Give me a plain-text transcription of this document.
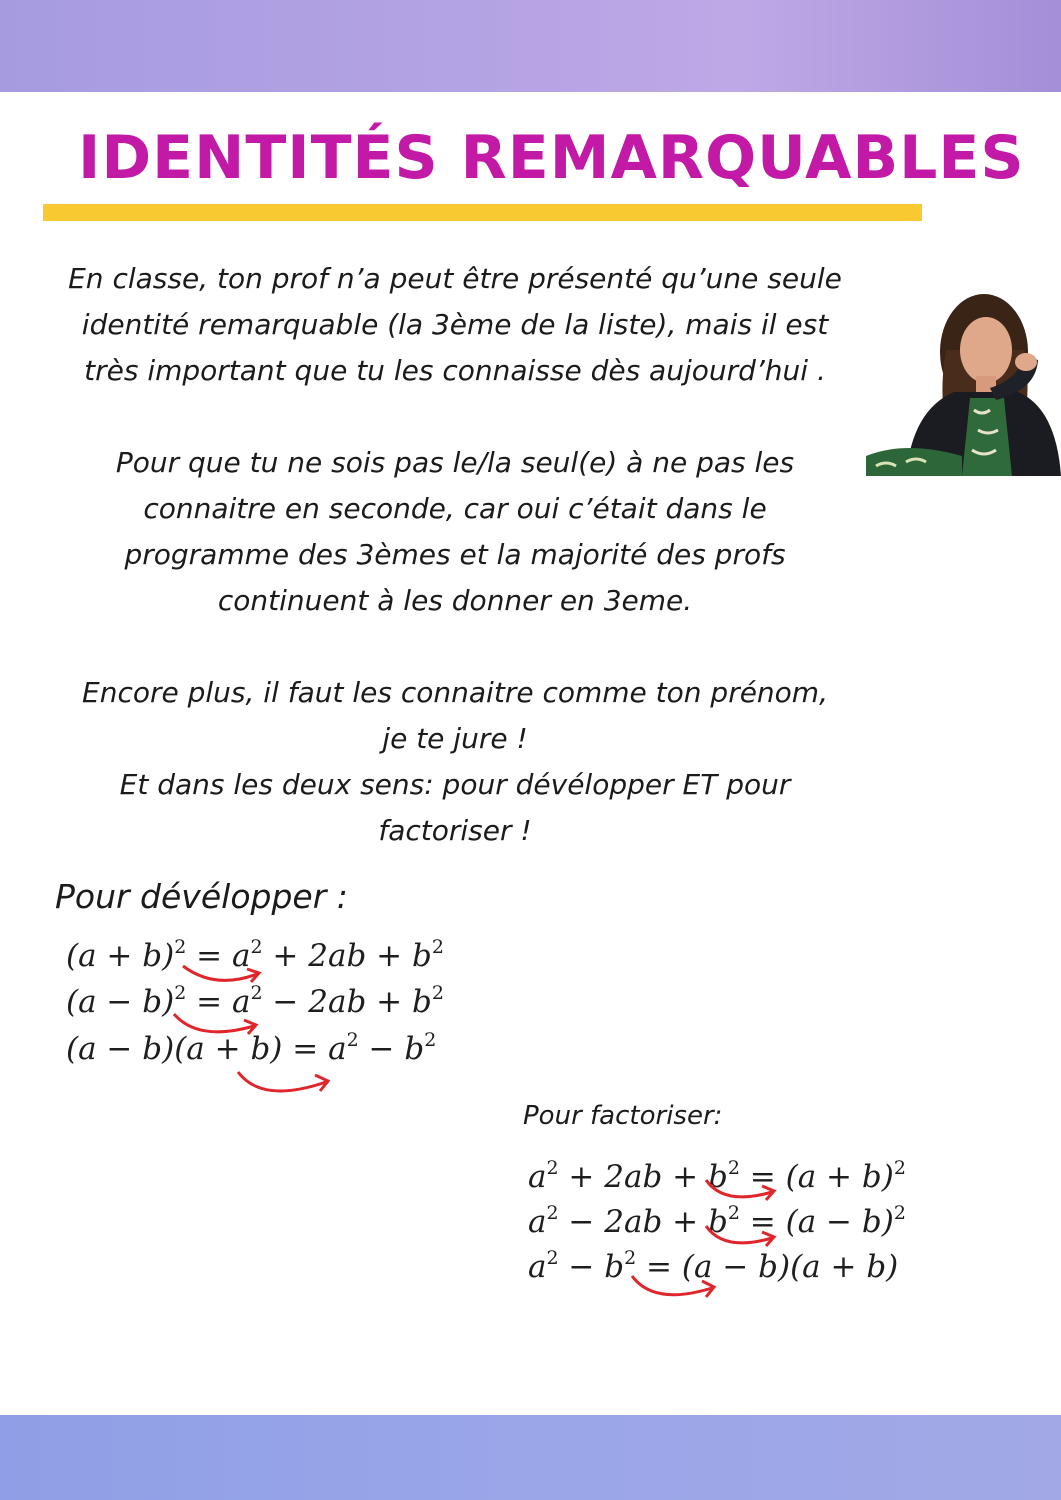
IDENTITÉS REMARQUABLES

En classe, ton prof n’a peut être présenté qu’une seule

identité remarquable (la 3ème de la liste), mais il est

très important que tu les connaisse dès aujourd’hui .

Pour que tu ne sois pas le/la seul(e) à ne pas les

connaitre en seconde, car oui c’était dans le

programme des 3èmes et la majorité des profs

continuent à les donner en 3eme.

Encore plus, il faut les connaitre comme ton prénom,

je te jure !

Et dans les deux sens: pour dévélopper ET pour

factoriser !

Pour dévélopper :
$(a + b)^2 = a^2 + 2ab + b^2$
$(a - b)^2 = a^2 - 2ab + b^2$
$(a - b)(a + b) = a^2 - b^2$
Pour factoriser:
$a^2 + 2ab + b^2 = (a + b)^2$
$a^2 - 2ab + b^2 = (a - b)^2$
$a^2 - b^2 = (a - b)(a + b)$
